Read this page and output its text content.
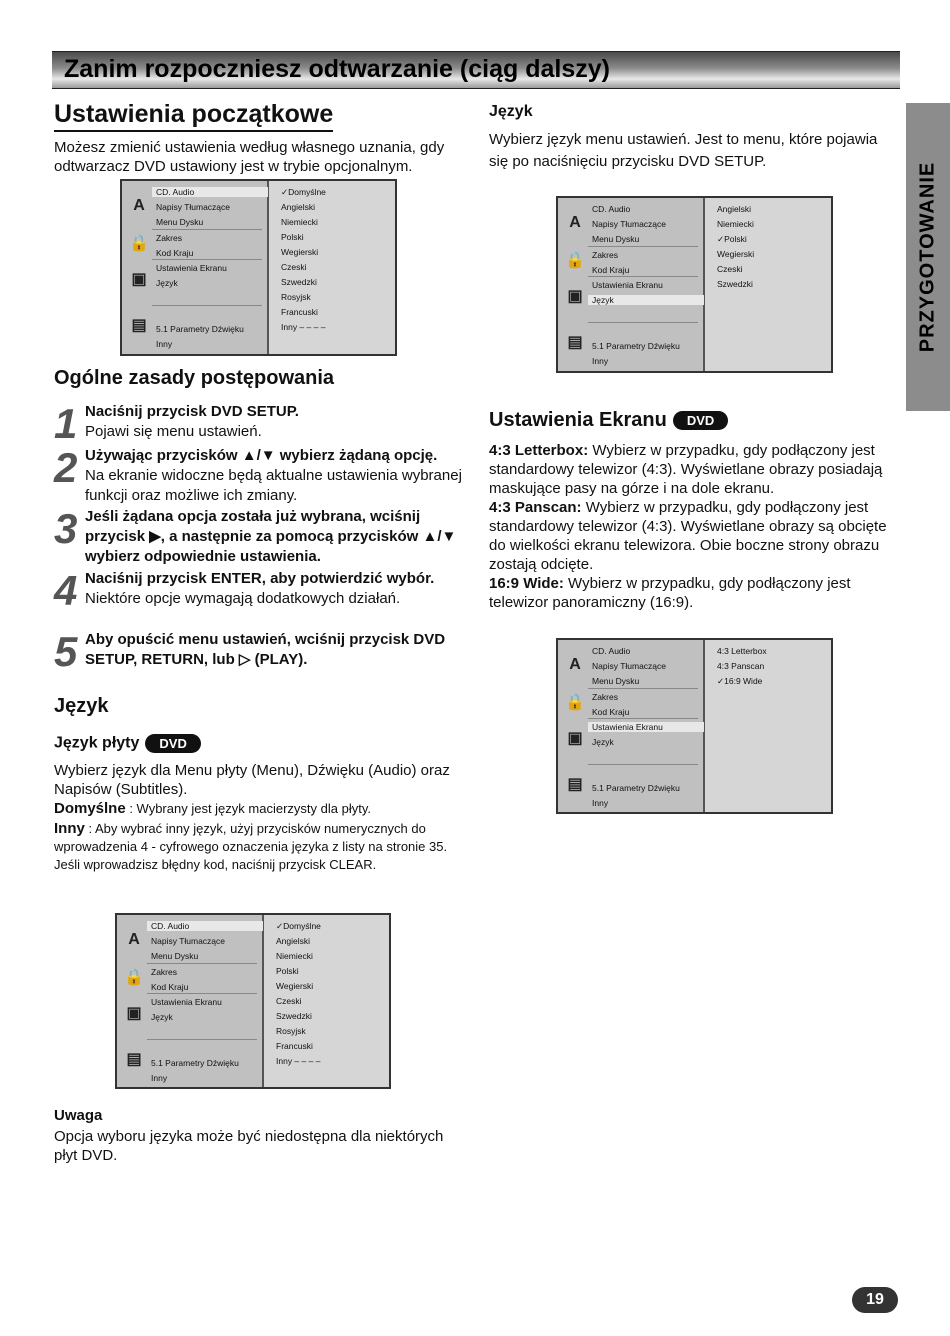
Zanim rozpoczniesz odtwarzanie (ciąg dalszy)
PRZYGOTOWANIE
Ustawienia początkowe
Możesz zmienić ustawienia według własnego uznania, gdy odtwarzacz DVD ustawiony jest w trybie opcjonalnym.
CD. Audio
Napisy Tłumaczące
Menu Dysku
Zakres
Kod Kraju
Ustawienia Ekranu
Język
5.1 Parametry Dźwięku
Inny
A
🔒
▣
▤
✓Domyślne
Angielski
Niemiecki
Polski
Wegierski
Czeski
Szwedzki
Rosyjsk
Francuski
Inny – – – –
Ogólne zasady postępowania
1 Naciśnij przycisk DVD SETUP.
Pojawi się menu ustawień.
2 Używając przycisków ▲/▼ wybierz żądaną opcję.
Na ekranie widoczne będą aktualne ustawienia wybranej funkcji oraz możliwe ich zmiany.
3 Jeśli żądana opcja została już wybrana, wciśnij przycisk ▶, a następnie za pomocą przycisków ▲/▼ wybierz odpowiednie ustawienia.
4 Naciśnij przycisk ENTER, aby potwierdzić wybór.
Niektóre opcje wymagają dodatkowych działań.
5 Aby opuścić menu ustawień, wciśnij przycisk DVD SETUP, RETURN, lub ▷ (PLAY).
Język
Język płyty DVD
Wybierz język dla Menu płyty (Menu), Dźwięku (Audio) oraz Napisów (Subtitles).
Domyślne : Wybrany jest język macierzysty dla płyty.
Inny : Aby wybrać inny język, użyj przycisków numerycznych do wprowadzenia 4 - cyfrowego oznaczenia języka z listy na stronie 35. Jeśli wprowadzisz błędny kod, naciśnij przycisk CLEAR.
CD. Audio
Napisy Tłumaczące
Menu Dysku
Zakres
Kod Kraju
Ustawienia Ekranu
Język
5.1 Parametry Dźwięku
Inny
A
🔒
▣
▤
✓Domyślne
Angielski
Niemiecki
Polski
Wegierski
Czeski
Szwedzki
Rosyjsk
Francuski
Inny – – – –
Uwaga
Opcja wyboru języka może być niedostępna dla niektórych płyt DVD.
Język
Wybierz język menu ustawień. Jest to menu, które pojawia się po naciśnięciu przycisku DVD SETUP.
CD. Audio
Napisy Tłumaczące
Menu Dysku
Zakres
Kod Kraju
Ustawienia Ekranu
Język
5.1 Parametry Dźwięku
Inny
A
🔒
▣
▤
Angielski
Niemiecki
✓Polski
Wegierski
Czeski
Szwedzki
Ustawienia Ekranu DVD
4:3 Letterbox: Wybierz w przypadku, gdy podłączony jest standardowy telewizor (4:3). Wyświetlane obrazy posiadają maskujące pasy na górze i na dole ekranu.
4:3 Panscan: Wybierz w przypadku, gdy podłączony jest standardowy telewizor (4:3). Wyświetlane obrazy są obcięte do wielkości ekranu telewizora. Obie boczne strony obrazu zostają odcięte.
16:9 Wide: Wybierz w przypadku, gdy podłączony jest telewizor panoramiczny (16:9).
CD. Audio
Napisy Tłumaczące
Menu Dysku
Zakres
Kod Kraju
Ustawienia Ekranu
Język
5.1 Parametry Dźwięku
Inny
A
🔒
▣
▤
4:3 Letterbox
4:3 Panscan
✓16:9 Wide
19
